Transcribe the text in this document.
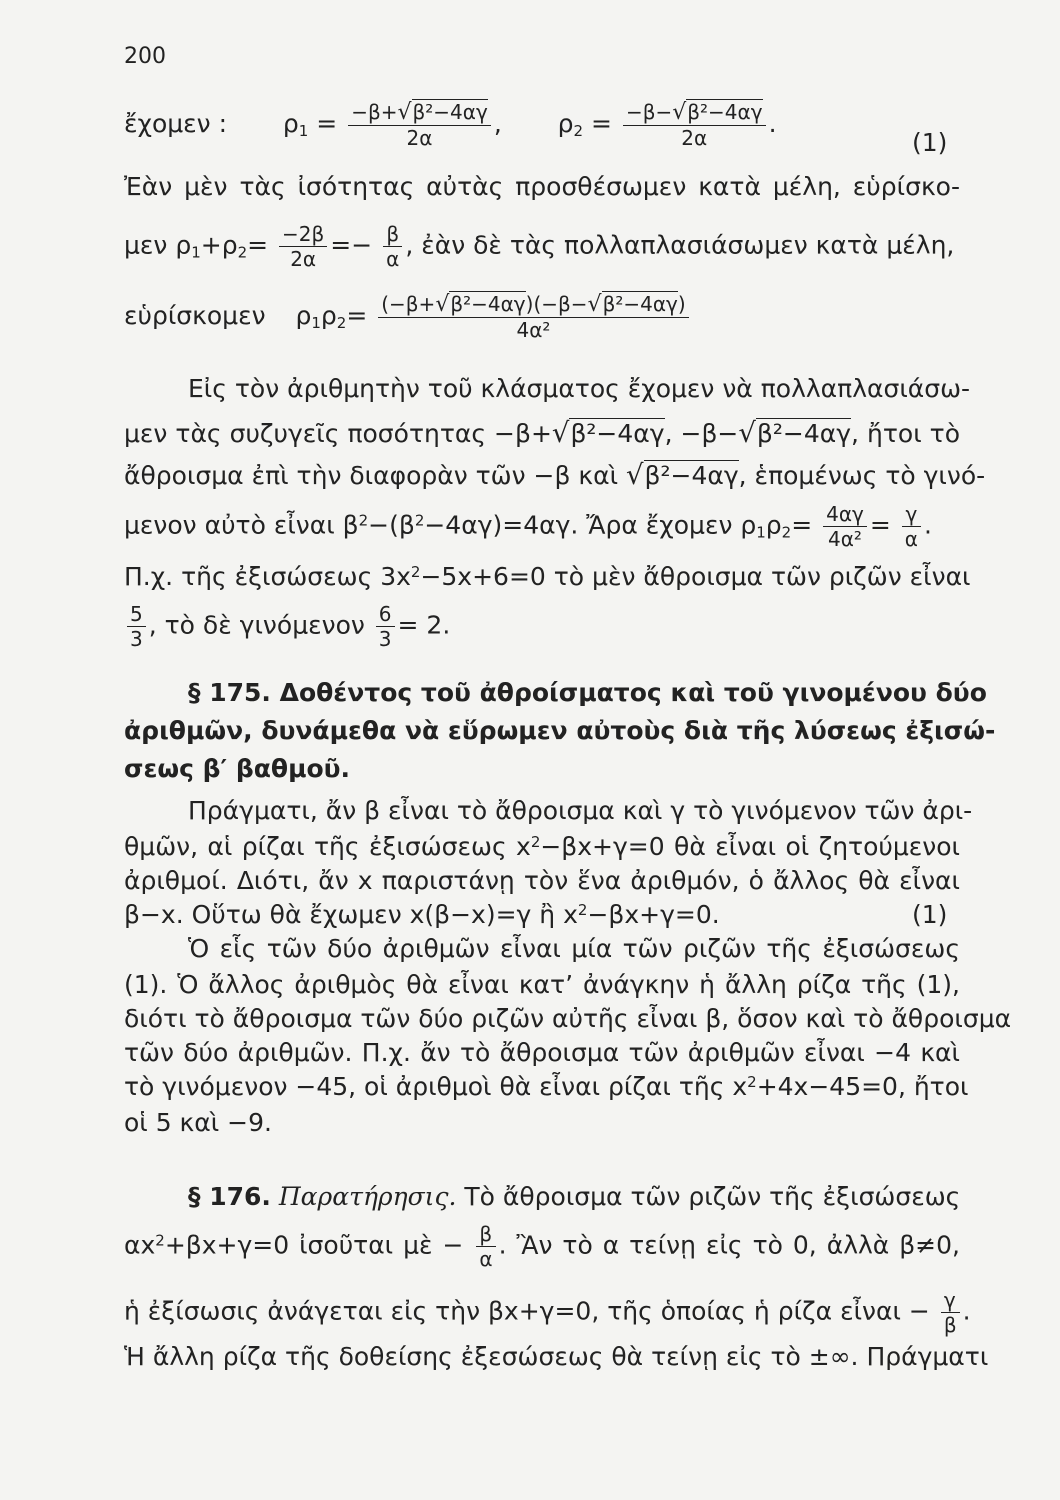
200
ἔχομεν : $\rho_1 = \frac{\text{−β+√β²−4αγ}}{2\alpha}$ , $\rho_2 = \frac{\text{−β−√β²−4αγ}}{2\alpha}$ .
(1)
Ἐὰν μὲν τὰς ἰσότητας αὐτὰς προσθέσωμεν κατὰ μέλη, εὑρίσκο-
μεν $\rho_1+\rho_2= \frac{-2\beta}{2\alpha} =- \frac{\beta}{\alpha}$ , ἐὰν δὲ τὰς πολλαπλασιάσωμεν κατὰ μέλη,
εὑρίσκομεν $\rho_1\rho_2= \frac{\text{(−β+√β²−4αγ)(−β−√β²−4αγ)}}{\text{4α²}}$
Εἰς τὸν ἀριθμητὴν τοῦ κλάσματος ἔχομεν νὰ πολλαπλασιάσω-
μεν τὰς συζυγεῖς ποσότητας −β+√β²−4αγ, −β−√β²−4αγ, ἤτοι τὸ
ἄθροισμα ἐπὶ τὴν διαφορὰν τῶν −β καὶ √β²−4αγ, ἑπομένως τὸ γινό-
μενον αὐτὸ εἶναι $\beta^2-(\beta^2-4\alpha\gamma)=4\alpha\gamma$. Ἄρα ἔχομεν $\rho_1\rho_2= \frac{4\alpha\gamma}{\text{4α²}} = \frac{\gamma}{\alpha}$ .
Π.χ. τῆς ἐξισώσεως $3x^2-5x+6=0$ τὸ μὲν ἄθροισμα τῶν ριζῶν εἶναι
$\frac{5}{3}$ , τὸ δὲ γινόμενον $\frac{6}{3} = 2$.
§ 175. Δοθέντος τοῦ ἀθροίσματος καὶ τοῦ γινομένου δύο
ἀριθμῶν, δυνάμεθα νὰ εὕρωμεν αὐτοὺς διὰ τῆς λύσεως ἐξισώ-
σεως β′ βαθμοῦ.
Πράγματι, ἄν β εἶναι τὸ ἄθροισμα καὶ γ τὸ γινόμενον τῶν ἀρι-
θμῶν, αἱ ρίζαι τῆς ἐξισώσεως $x^2-\beta x+\gamma=0$ θὰ εἶναι οἱ ζητούμενοι
ἀριθμοί. Διότι, ἄν x παριστάνῃ τὸν ἕνα ἀριθμόν, ὁ ἄλλος θὰ εἶναι
β−x. Οὕτω θὰ ἔχωμεν x(β−x)=γ ἢ $x^2-\beta x+\gamma=0$.	(1)
Ὁ εἷς τῶν δύο ἀριθμῶν εἶναι μία τῶν ριζῶν τῆς ἐξισώσεως
(1). Ὁ ἄλλος ἀριθμὸς θὰ εἶναι κατ’ ἀνάγκην ἡ ἄλλη ρίζα τῆς (1),
διότι τὸ ἄθροισμα τῶν δύο ριζῶν αὐτῆς εἶναι β, ὅσον καὶ τὸ ἄθροισμα
τῶν δύο ἀριθμῶν. Π.χ. ἄν τὸ ἄθροισμα τῶν ἀριθμῶν εἶναι −4 καὶ
τὸ γινόμενον −45, οἱ ἀριθμοὶ θὰ εἶναι ρίζαι τῆς $x^2+4x-45=0$, ἤτοι
οἱ 5 καὶ −9.
§ 176. Παρατήρησις. Τὸ ἄθροισμα τῶν ριζῶν τῆς ἐξισώσεως
$\alpha x^2+\beta x+\gamma=0$ ἰσοῦται μὲ − $\frac{\beta}{\alpha}$ . Ἂν τὸ α τείνῃ εἰς τὸ 0, ἀλλὰ β≠0,
ἡ ἐξίσωσις ἀνάγεται εἰς τὴν βx+γ=0, τῆς ὁποίας ἡ ρίζα εἶναι − $\frac{\gamma}{\beta}$ .
Ἡ ἄλλη ρίζα τῆς δοθείσης ἐξεσώσεως θὰ τείνῃ εἰς τὸ ±∞. Πράγματι
